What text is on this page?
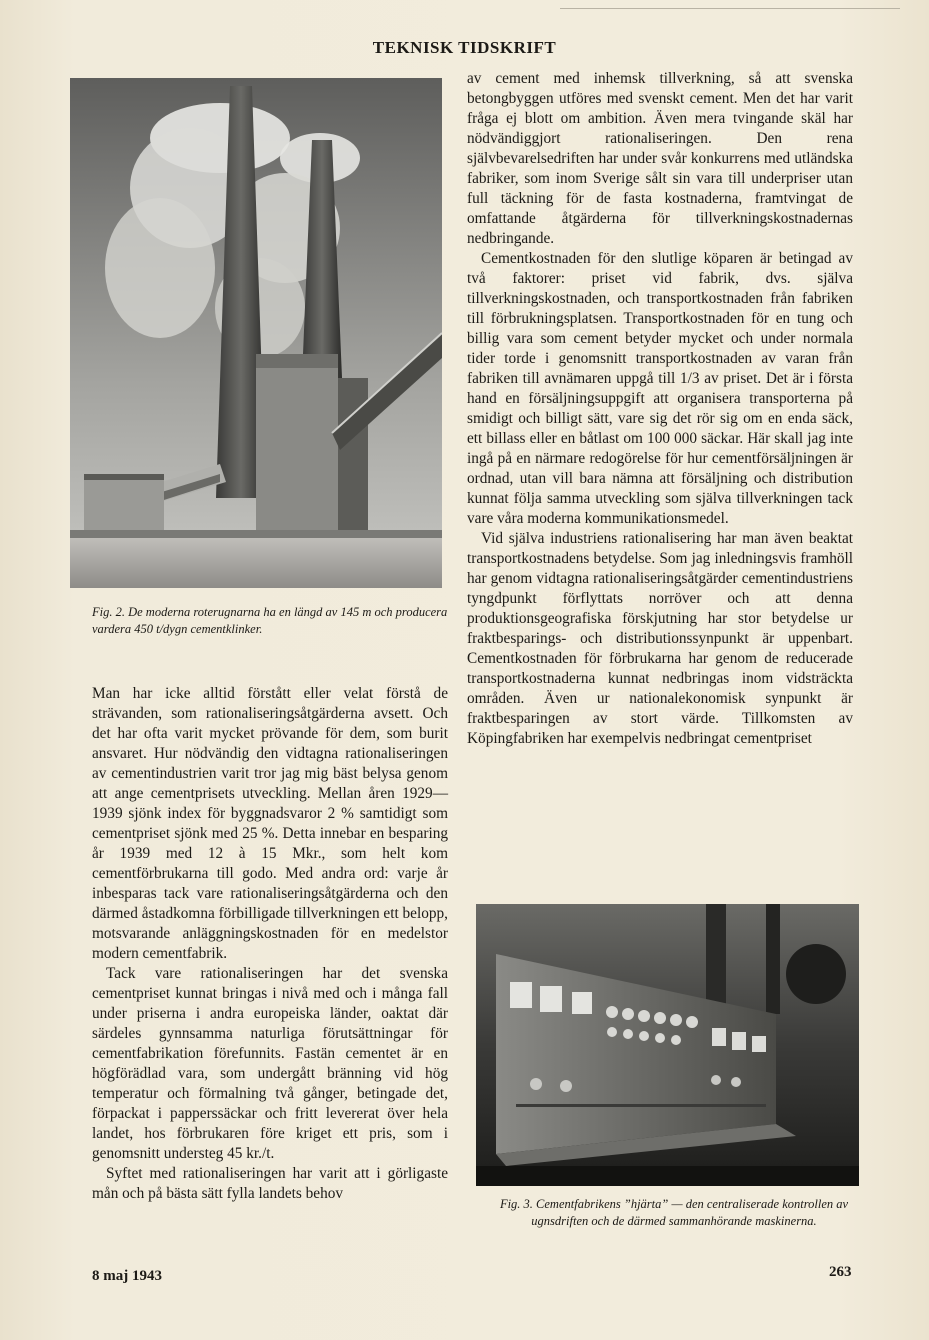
TEKNISK TIDSKRIFT
Fig. 2. De moderna roterugnarna ha en längd av 145 m och producera vardera 450 t/dygn cementklinker.

Man har icke alltid förstått eller velat förstå de strävanden, som rationaliseringsåtgärderna avsett. Och det har ofta varit mycket prövande för dem, som burit ansvaret. Hur nödvändig den vidtagna rationaliseringen av cementindustrien varit tror jag mig bäst belysa genom att ange cementprisets utveckling. Mellan åren 1929—1939 sjönk index för byggnadsvaror 2 % samtidigt som cementpriset sjönk med 25 %. Detta innebar en besparing år 1939 med 12 à 15 Mkr., som helt kom cementförbrukarna till godo. Med andra ord: varje år inbesparas tack vare rationaliseringsåtgärderna och den därmed åstadkomna förbilligade tillverkningen ett belopp, motsvarande anläggningskostnaden för en medelstor modern cementfabrik.

Tack vare rationaliseringen har det svenska cementpriset kunnat bringas i nivå med och i många fall under priserna i andra europeiska länder, oaktat där särdeles gynnsamma naturliga förutsättningar för cementfabrikation förefunnits. Fastän cementet är en högförädlad vara, som undergått bränning vid hög temperatur och förmalning två gånger, betingade det, förpackat i papperssäckar och fritt levererat över hela landet, hos förbrukaren före kriget ett pris, som i genomsnitt understeg 45 kr./t.

Syftet med rationaliseringen har varit att i görligaste mån och på bästa sätt fylla landets behov

av cement med inhemsk tillverkning, så att svenska betongbyggen utföres med svenskt cement. Men det har varit fråga ej blott om ambition. Även mera tvingande skäl har nödvändiggjort rationaliseringen. Den rena självbevarelsedriften har under svår konkurrens med utländska fabriker, som inom Sverige sålt sin vara till underpriser utan full täckning för de fasta kostnaderna, framtvingat de omfattande åtgärderna för tillverkningskostnadernas nedbringande.

Cementkostnaden för den slutlige köparen är betingad av två faktorer: priset vid fabrik, dvs. själva tillverkningskostnaden, och transportkostnaden från fabriken till förbrukningsplatsen. Transportkostnaden för en tung och billig vara som cement betyder mycket och under normala tider torde i genomsnitt transportkostnaden av varan från fabriken till avnämaren uppgå till 1/3 av priset. Det är i första hand en försäljningsuppgift att organisera transporterna på smidigt och billigt sätt, vare sig det rör sig om en enda säck, ett billass eller en båtlast om 100 000 säckar. Här skall jag inte ingå på en närmare redogörelse för hur cementförsäljningen är ordnad, utan vill bara nämna att försäljning och distribution kunnat följa samma utveckling som själva tillverkningen tack vare våra moderna kommunikationsmedel.

Vid själva industriens rationalisering har man även beaktat transportkostnadens betydelse. Som jag inledningsvis framhöll har genom vidtagna rationaliseringsåtgärder cementindustriens tyngdpunkt förflyttats norröver och att denna produktionsgeografiska förskjutning har stor betydelse ur fraktbesparings- och distributionssynpunkt är uppenbart. Cementkostnaden för förbrukarna har genom de reducerade transportkostnaderna kunnat nedbringas inom vidsträckta områden. Även ur nationalekonomisk synpunkt är fraktbesparingen av stort värde. Tillkomsten av Köpingfabriken har exempelvis nedbringat cementpriset

Fig. 3. Cementfabrikens ”hjärta” — den centraliserade kontrollen av ugnsdriften och de därmed sammanhörande maskinerna.
8 maj 1943	263
